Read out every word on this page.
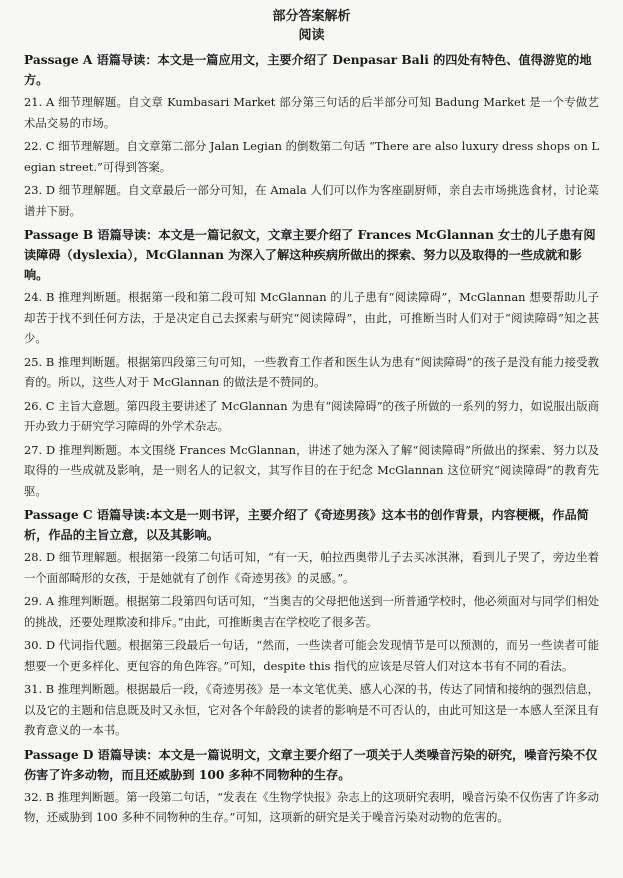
部分答案解析
阅读

Passage A 语篇导读：本文是一篇应用文，主要介绍了 Denpasar Bali 的四处有特色、值得游览的地方。

21. A 细节理解题。自文章 Kumbasari Market 部分第三句话的后半部分可知 Badung Market 是一个专做艺术品交易的市场。

22. C 细节理解题。自文章第二部分 Jalan Legian 的倒数第二句话 “There are also luxury dress shops on Legian street.”可得到答案。

23. D 细节理解题。自文章最后一部分可知，在 Amala 人们可以作为客座副厨师，亲自去市场挑选食材，讨论菜谱并下厨。

Passage B 语篇导读：本文是一篇记叙文，文章主要介绍了 Frances McGlannan 女士的儿子患有阅读障碍（dyslexia），McGlannan 为深入了解这种疾病所做出的探索、努力以及取得的一些成就和影响。

24. B 推理判断题。根据第一段和第二段可知 McGlannan 的儿子患有“阅读障碍”，McGlannan 想要帮助儿子却苦于找不到任何方法，于是决定自己去探索与研究“阅读障碍”，由此，可推断当时人们对于“阅读障碍”知之甚少。

25. B 推理判断题。根据第四段第三句可知，一些教育工作者和医生认为患有“阅读障碍”的孩子是没有能力接受教育的。所以，这些人对于 McGlannan 的做法是不赞同的。

26. C 主旨大意题。第四段主要讲述了 McGlannan 为患有“阅读障碍”的孩子所做的一系列的努力，如说服出版商开办致力于研究学习障碍的外学术杂志。

27. D 推理判断题。本文围绕 Frances McGlannan，讲述了她为深入了解“阅读障碍”所做出的探索、努力以及取得的一些成就及影响，是一则名人的记叙文，其写作目的在于纪念 McGlannan 这位研究“阅读障碍”的教育先驱。

Passage C 语篇导读:本文是一则书评，主要介绍了《奇迹男孩》这本书的创作背景，内容梗概，作品简析，作品的主旨立意，以及其影响。

28. D 细节理解题。根据第一段第二句话可知，“有一天，帕拉西奥带儿子去买冰淇淋，看到儿子哭了，旁边坐着一个面部畸形的女孩，于是她就有了创作《奇迹男孩》的灵感。”。

29. A 推理判断题。根据第二段第四句话可知，“当奥吉的父母把他送到一所普通学校时，他必须面对与同学们相处的挑战，还要处理欺凌和排斥。”由此，可推断奥吉在学校吃了很多苦。

30. D 代词指代题。根据第三段最后一句话，“然而，一些读者可能会发现情节是可以预测的，而另一些读者可能想要一个更多样化、更包容的角色阵容。”可知，despite this 指代的应该是尽管人们对这本书有不同的看法。

31. B 推理判断题。根据最后一段，《奇迹男孩》是一本文笔优美、感人心深的书，传达了同情和接纳的强烈信息，以及它的主题和信息既及时又永恒，它对各个年龄段的读者的影响是不可否认的，由此可知这是一本感人至深且有教育意义的一本书。

Passage D 语篇导读：本文是一篇说明文，文章主要介绍了一项关于人类噪音污染的研究，噪音污染不仅伤害了许多动物，而且还威胁到 100 多种不同物种的生存。

32. B 推理判断题。第一段第二句话，“发表在《生物学快报》杂志上的这项研究表明，噪音污染不仅伤害了许多动物，还威胁到 100 多种不同物种的生存。”可知，这项新的研究是关于噪音污染对动物的危害的。
